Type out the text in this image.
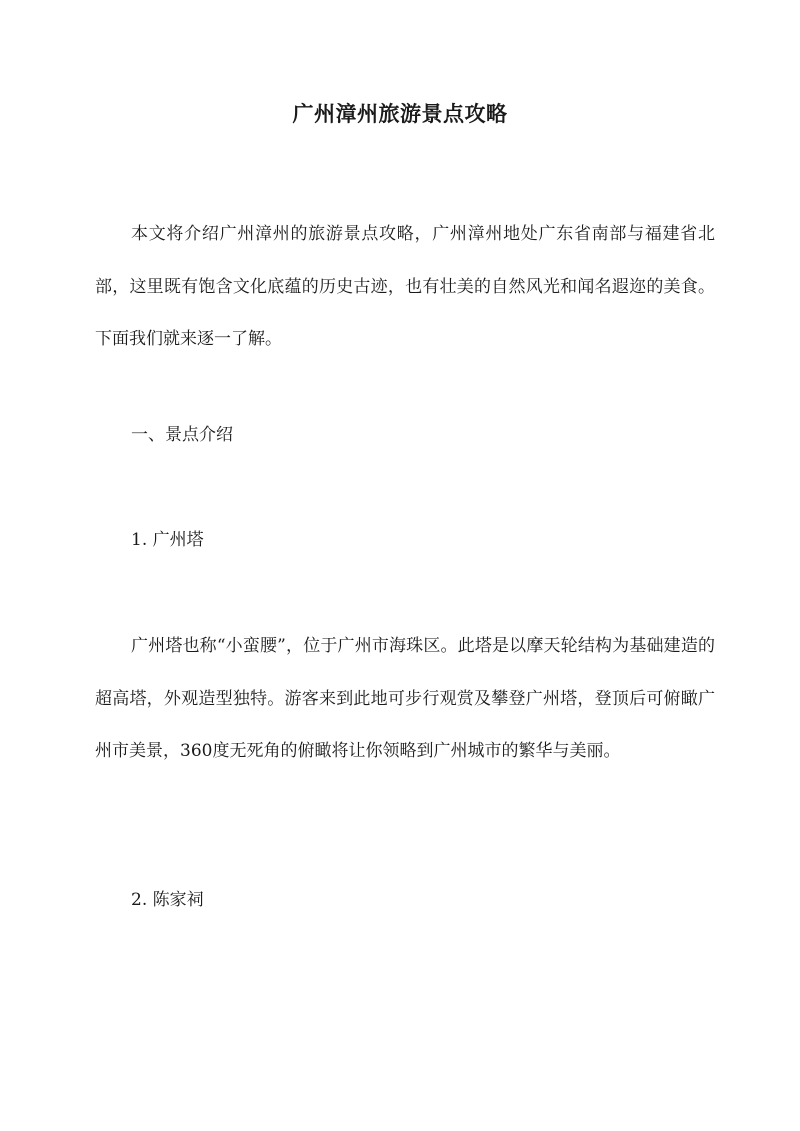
广州漳州旅游景点攻略

本文将介绍广州漳州的旅游景点攻略，广州漳州地处广东省南部与福建省北部，这里既有饱含文化底蕴的历史古迹，也有壮美的自然风光和闻名遐迩的美食。下面我们就来逐一了解。

一、景点介绍

1. 广州塔

广州塔也称“小蛮腰”，位于广州市海珠区。此塔是以摩天轮结构为基础建造的超高塔，外观造型独特。游客来到此地可步行观赏及攀登广州塔，登顶后可俯瞰广州市美景，360度无死角的俯瞰将让你领略到广州城市的繁华与美丽。

2. 陈家祠
